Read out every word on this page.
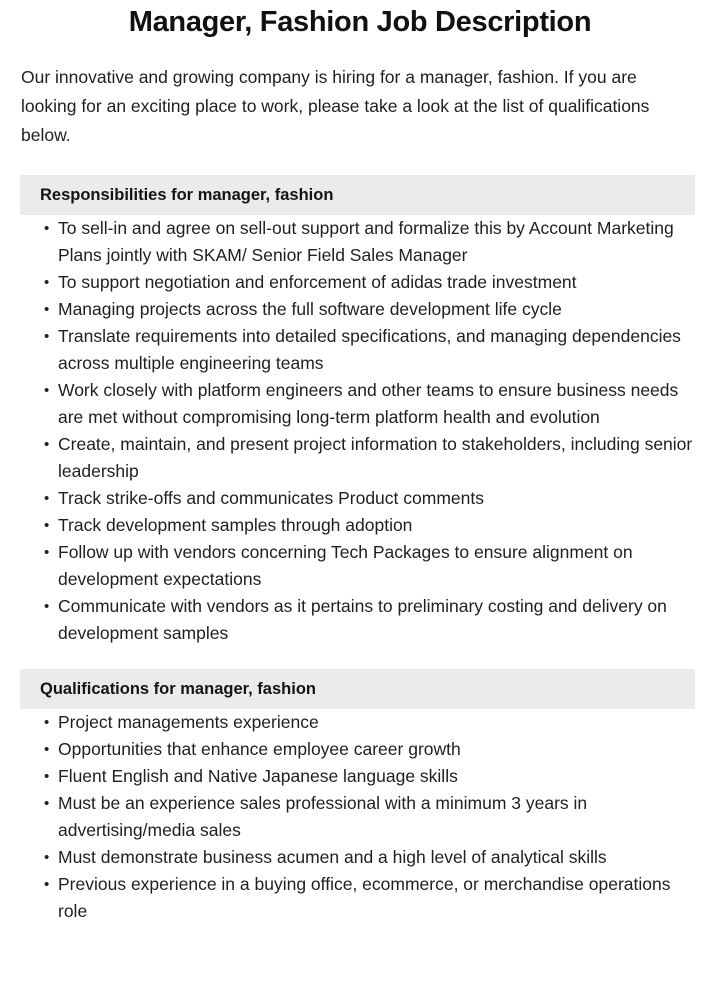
Manager, Fashion Job Description

Our innovative and growing company is hiring for a manager, fashion. If you are looking for an exciting place to work, please take a look at the list of qualifications below.

Responsibilities for manager, fashion
• To sell-in and agree on sell-out support and formalize this by Account Marketing Plans jointly with SKAM/ Senior Field Sales Manager
• To support negotiation and enforcement of adidas trade investment
• Managing projects across the full software development life cycle
• Translate requirements into detailed specifications, and managing dependencies across multiple engineering teams
• Work closely with platform engineers and other teams to ensure business needs are met without compromising long-term platform health and evolution
• Create, maintain, and present project information to stakeholders, including senior leadership
• Track strike-offs and communicates Product comments
• Track development samples through adoption
• Follow up with vendors concerning Tech Packages to ensure alignment on development expectations
• Communicate with vendors as it pertains to preliminary costing and delivery on development samples
Qualifications for manager, fashion
• Project managements experience
• Opportunities that enhance employee career growth
• Fluent English and Native Japanese language skills
• Must be an experience sales professional with a minimum 3 years in advertising/media sales
• Must demonstrate business acumen and a high level of analytical skills
• Previous experience in a buying office, ecommerce, or merchandise operations role
